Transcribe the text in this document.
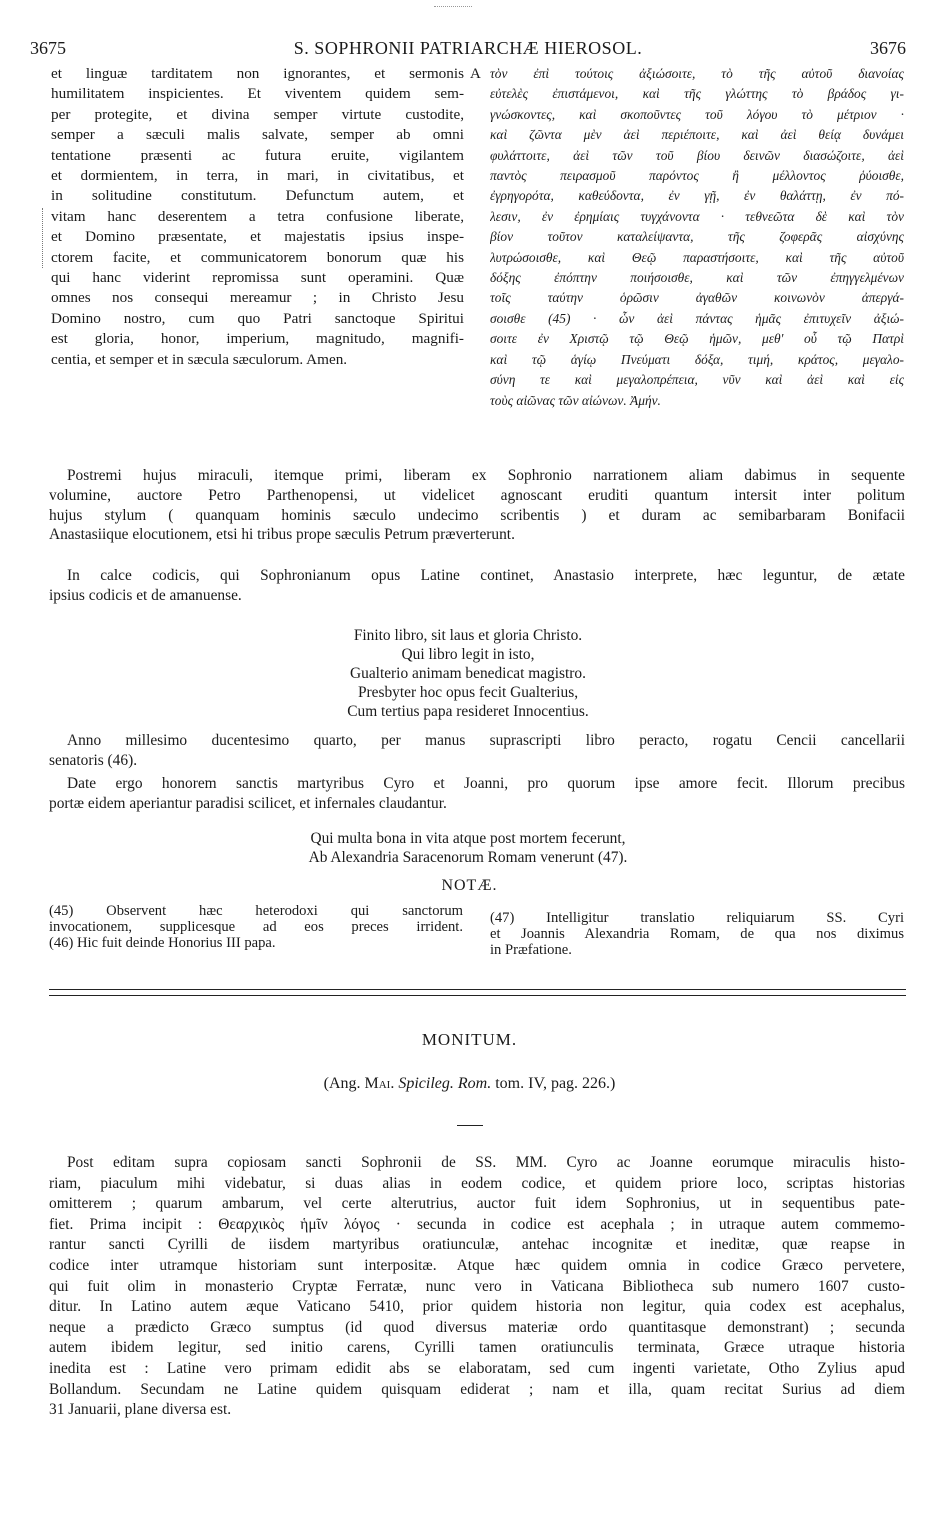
3675	S. SOPHRONII PATRIARCHÆ HIEROSOL.	3676
et linguæ tarditatem non ignorantes, et sermonis
humilitatem inspicientes. Et viventem quidem sem-
per protegite, et divina semper virtute custodite,
semper a sæculi malis salvate, semper ab omni
tentatione præsenti ac futura eruite, vigilantem
et dormientem, in terra, in mari, in civitatibus, et
in solitudine constitutum. Defunctum autem, et
vitam hanc deserentem a tetra confusione liberate,
et Domino præsentate, et majestatis ipsius inspe-
ctorem facite, et communicatorem bonorum quæ his
qui hanc viderint repromissa sunt operamini. Quæ
omnes nos consequi mereamur ; in Christo Jesu
Domino nostro, cum quo Patri sanctoque Spiritui
est gloria, honor, imperium, magnitudo, magnifi-
centia, et semper et in sæcula sæculorum. Amen.
A τὸν ἐπὶ τούτοις ἀξιώσοιτε, τὸ τῆς αὐτοῦ διανοίας
εὐτελὲς ἐπιστάμενοι, καὶ τῆς γλώττης τὸ βράδος γι-
γνώσκοντες, καὶ σκοποῦντες τοῦ λόγου τὸ μέτριον ·
καὶ ζῶντα μὲν ἀεὶ περιέποιτε, καὶ ἀεὶ θείᾳ δυνάμει
φυλάττοιτε, ἀεὶ τῶν τοῦ βίου δεινῶν διασώζοιτε, ἀεὶ
παντὸς πειρασμοῦ παρόντος ἢ μέλλοντος ῥύοισθε,
ἐγρηγορότα, καθεύδοντα, ἐν γῇ, ἐν θαλάττῃ, ἐν πό-
λεσιν, ἐν ἐρημίαις τυγχάνοντα · τεθνεῶτα δὲ καὶ τὸν
βίον τοῦτον καταλείψαντα, τῆς ζοφερᾶς αἰσχύνης
λυτρώσοισθε, καὶ Θεῷ παραστήσοιτε, καὶ τῆς αὐτοῦ
δόξης ἐπόπτην ποιήσοισθε, καὶ τῶν ἐπηγγελμένων
τοῖς ταύτην ὁρῶσιν ἀγαθῶν κοινωνὸν ἀπεργά-
σοισθε (45) · ὧν ἀεὶ πάντας ἡμᾶς ἐπιτυχεῖν ἀξιώ-
σοιτε ἐν Χριστῷ τῷ Θεῷ ἡμῶν, μεθ' οὗ τῷ Πατρὶ
καὶ τῷ ἁγίῳ Πνεύματι δόξα, τιμή, κράτος, μεγαλο-
σύνη τε καὶ μεγαλοπρέπεια, νῦν καὶ ἀεὶ καὶ εἰς
τοὺς αἰῶνας τῶν αἰώνων. Ἀμήν.
Postremi hujus miraculi, itemque primi, liberam ex Sophronio narrationem aliam dabimus in sequente
volumine, auctore Petro Parthenopensi, ut videlicet agnoscant eruditi quantum intersit inter politum
hujus stylum ( quanquam hominis sæculo undecimo scribentis ) et duram ac semibarbaram Bonifacii
Anastasiique elocutionem, etsi hi tribus prope sæculis Petrum præverterunt.
In calce codicis, qui Sophronianum opus Latine continet, Anastasio interprete, hæc leguntur, de ætate
ipsius codicis et de amanuense.
Finito libro, sit laus et gloria Christo.
Qui libro legit in isto,
Gualterio animam benedicat magistro.
Presbyter hoc opus fecit Gualterius,
Cum tertius papa resideret Innocentius.
Anno millesimo ducentesimo quarto, per manus suprascripti libro peracto, rogatu Cencii cancellarii
senatoris (46).
Date ergo honorem sanctis martyribus Cyro et Joanni, pro quorum ipse amore fecit. Illorum precibus
portæ eidem aperiantur paradisi scilicet, et infernales claudantur.
Qui multa bona in vita atque post mortem fecerunt,
Ab Alexandria Saracenorum Romam venerunt (47).
NOTÆ.
(45) Observent hæc heterodoxi qui sanctorum
invocationem, supplicesque ad eos preces irrident.
(46) Hic fuit deinde Honorius III papa.
(47) Intelligitur translatio reliquiarum SS. Cyri
et Joannis Alexandria Romam, de qua nos diximus
in Præfatione.
MONITUM.
(Ang. Mai. Spicileg. Rom. tom. IV, pag. 226.)
Post editam supra copiosam sancti Sophronii de SS. MM. Cyro ac Joanne eorumque miraculis histo-
riam, piaculum mihi videbatur, si duas alias in eodem codice, et quidem priore loco, scriptas historias
omitterem ; quarum ambarum, vel certe alterutrius, auctor fuit idem Sophronius, ut in sequentibus pate-
fiet. Prima incipit : Θεαρχικὸς ἡμῖν λόγος · secunda in codice est acephala ; in utraque autem commemo-
rantur sancti Cyrilli de iisdem martyribus oratiunculæ, antehac incognitæ et ineditæ, quæ reapse in
codice inter utramque historiam sunt interpositæ. Atque hæc quidem omnia in codice Græco pervetere,
qui fuit olim in monasterio Cryptæ Ferratæ, nunc vero in Vaticana Bibliotheca sub numero 1607 custo-
ditur. In Latino autem æque Vaticano 5410, prior quidem historia non legitur, quia codex est acephalus,
neque a prædicto Græco sumptus (id quod diversus materiæ ordo quantitasque demonstrant) ; secunda
autem ibidem legitur, sed initio carens, Cyrilli tamen oratiunculis terminata, Græce utraque historia
inedita est : Latine vero primam edidit abs se elaboratam, sed cum ingenti varietate, Otho Zylius apud
Bollandum. Secundam ne Latine quidem quisquam ediderat ; nam et illa, quam recitat Surius ad diem
31 Januarii, plane diversa est.
